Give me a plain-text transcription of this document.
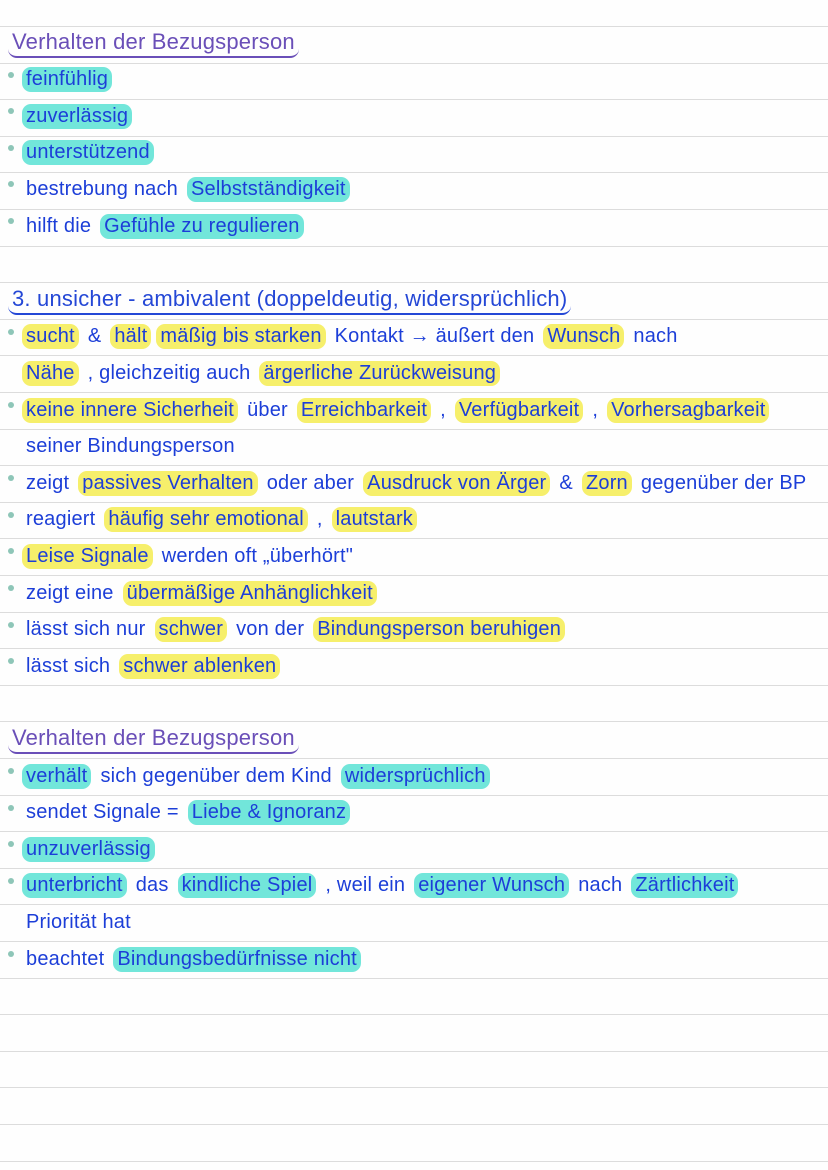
Verhalten der Bezugsperson
feinfühlig
zuverlässig
unterstützend
bestrebung nach Selbstständigkeit
hilft die Gefühle zu regulieren
3. unsicher - ambivalent (doppeldeutig, widersprüchlich)
sucht & hält mäßig bis starken Kontakt → äußert den Wunsch nach
Nähe , gleichzeitig auch ärgerliche Zurückweisung
keine innere Sicherheit über Erreichbarkeit , Verfügbarkeit , Vorhersagbarkeit
seiner Bindungsperson
zeigt passives Verhalten oder aber Ausdruck von Ärger & Zorn gegenüber der BP
reagiert häufig sehr emotional , lautstark
Leise Signale werden oft „überhört"
zeigt eine übermäßige Anhänglichkeit
lässt sich nur schwer von der Bindungsperson beruhigen
lässt sich schwer ablenken
Verhalten der Bezugsperson
verhält sich gegenüber dem Kind widersprüchlich
sendet Signale = Liebe & Ignoranz
unzuverlässig
unterbricht das kindliche Spiel , weil ein eigener Wunsch nach Zärtlichkeit
Priorität hat
beachtet Bindungsbedürfnisse nicht
